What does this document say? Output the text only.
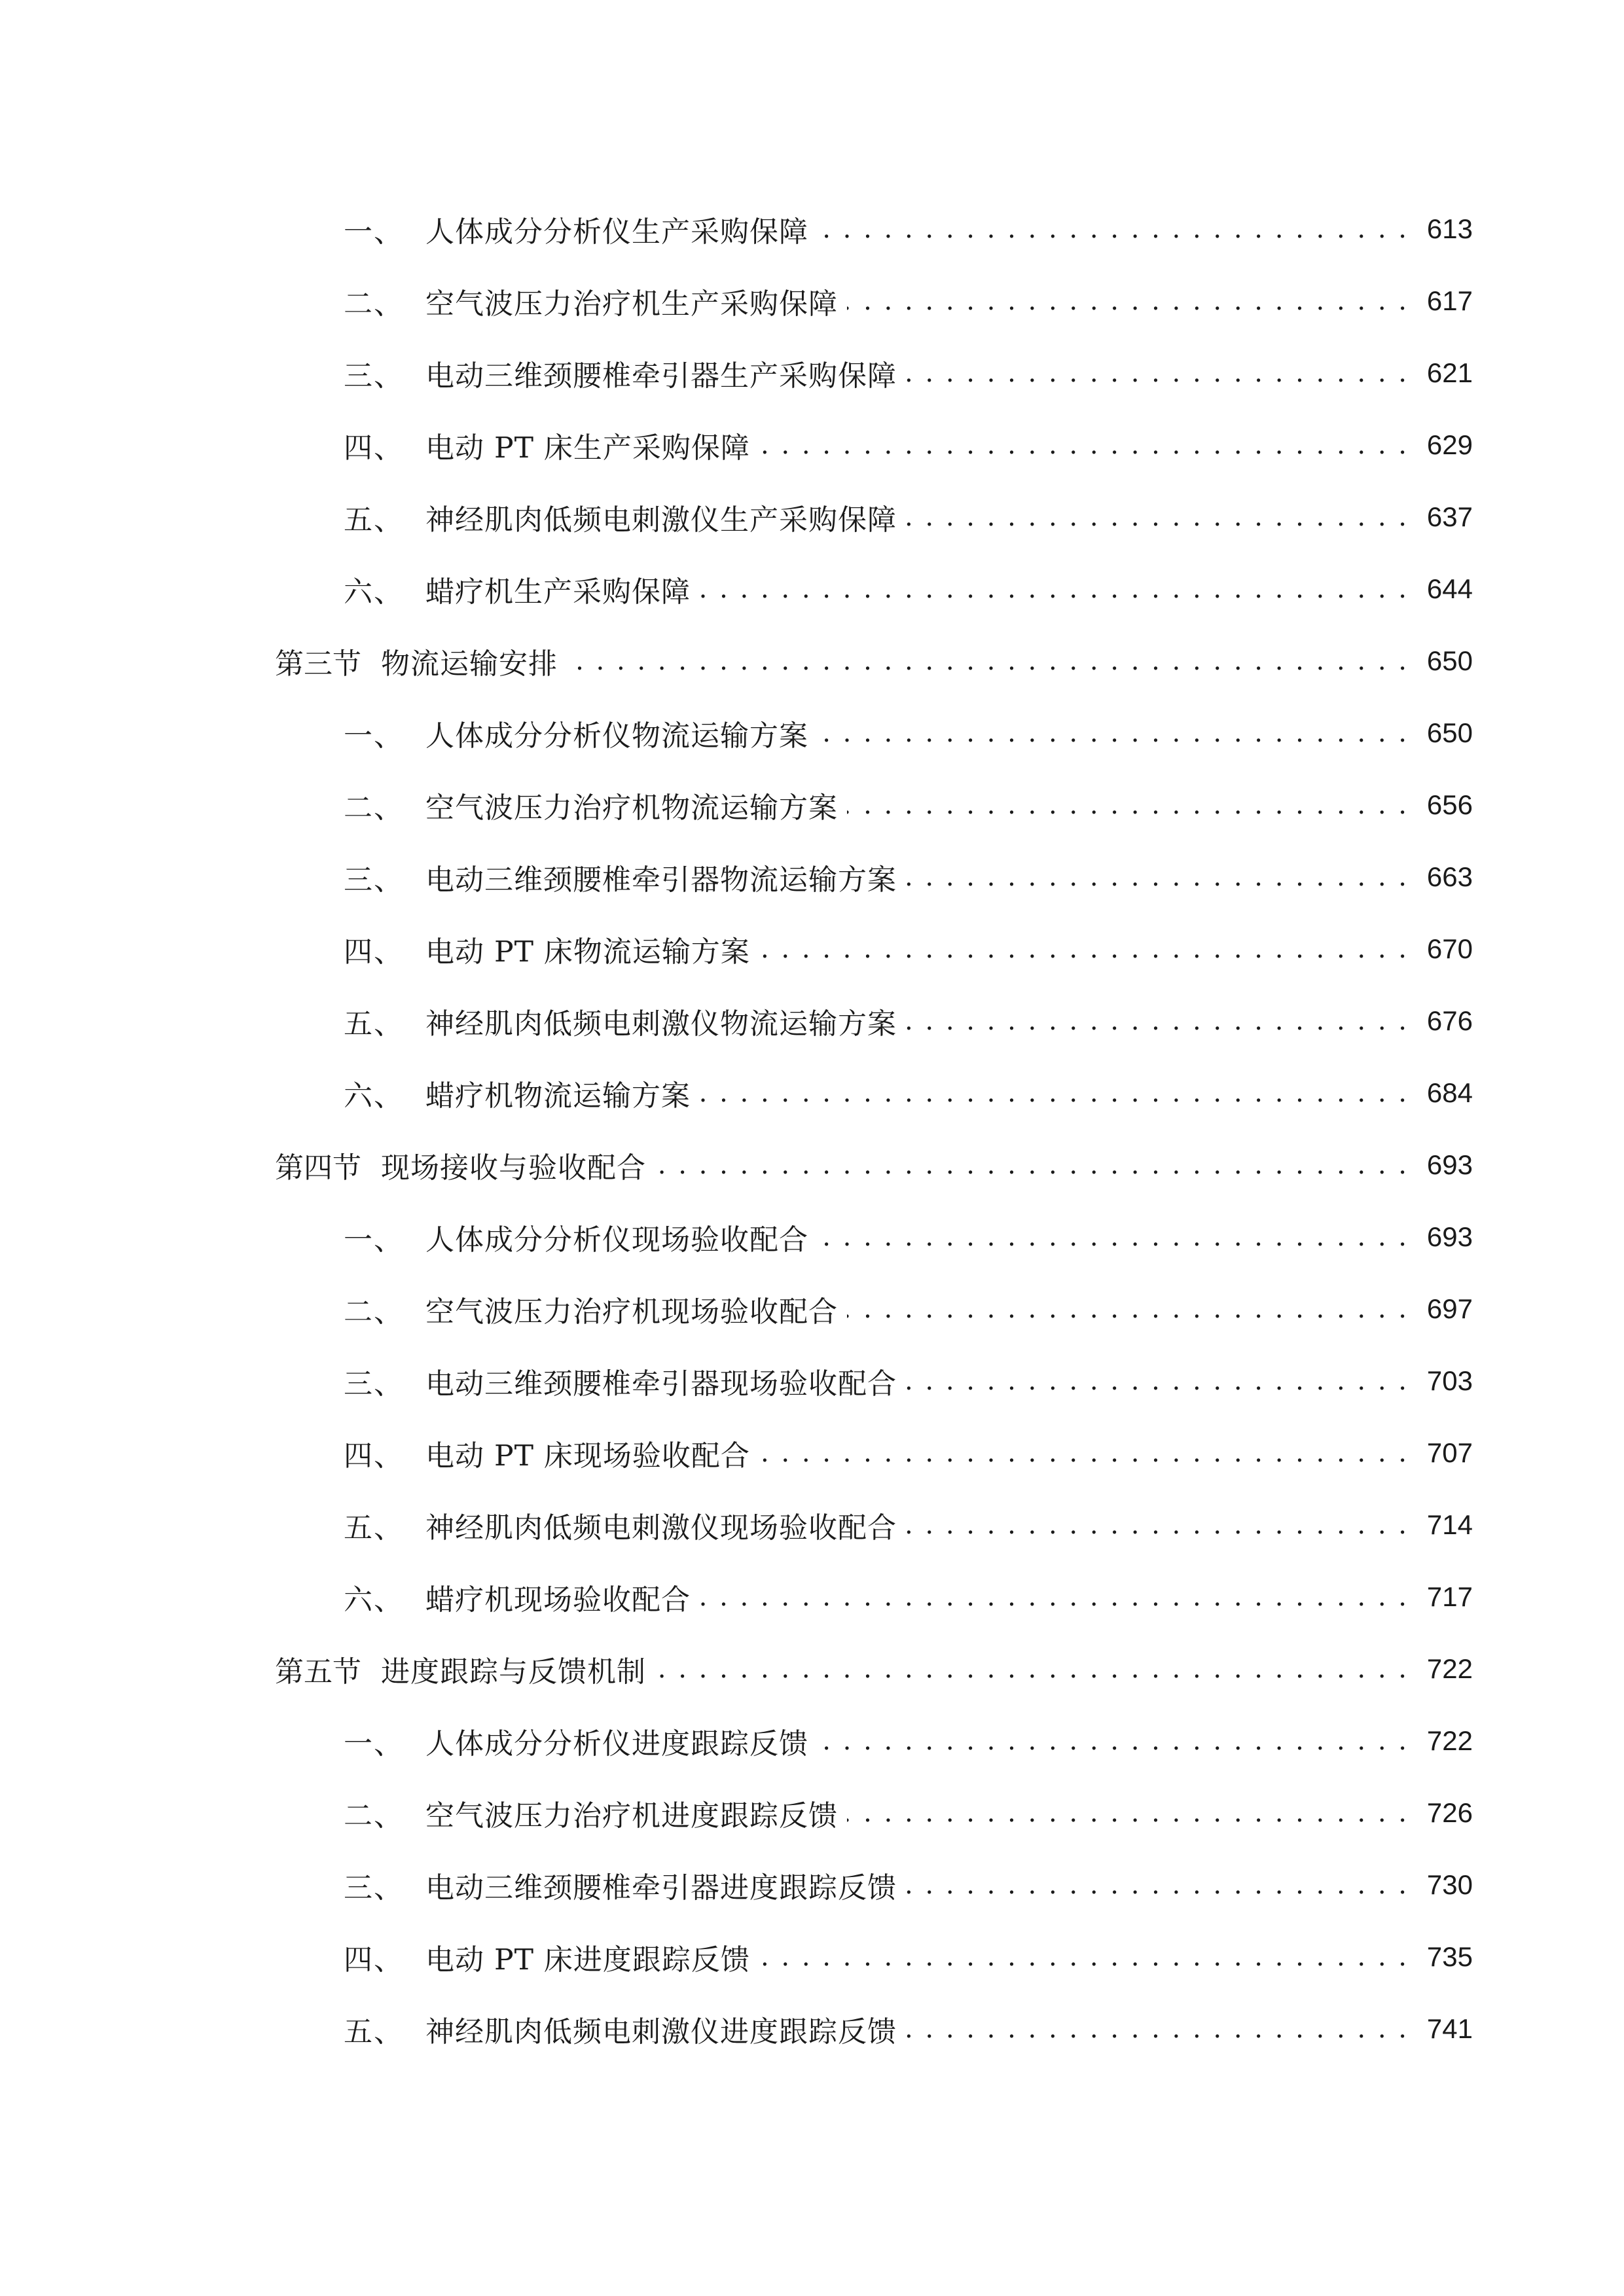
一、 人体成分分析仪生产采购保障 . . .	613
二、 空气波压力治疗机生产采购保障 . . .	617
三、 电动三维颈腰椎牵引器生产采购保障 . . .	621
四、 电动 PT 床生产采购保障 . . .	629
五、 神经肌肉低频电刺激仪生产采购保障 . . .	637
六、 蜡疗机生产采购保障 . . .	644
第三节 物流运输安排 . . .	650
一、 人体成分分析仪物流运输方案 . . .	650
二、 空气波压力治疗机物流运输方案 . . .	656
三、 电动三维颈腰椎牵引器物流运输方案 . . .	663
四、 电动 PT 床物流运输方案 . . .	670
五、 神经肌肉低频电刺激仪物流运输方案 . . .	676
六、 蜡疗机物流运输方案 . . .	684
第四节 现场接收与验收配合 . . .	693
一、 人体成分分析仪现场验收配合 . . .	693
二、 空气波压力治疗机现场验收配合 . . .	697
三、 电动三维颈腰椎牵引器现场验收配合 . . .	703
四、 电动 PT 床现场验收配合 . . .	707
五、 神经肌肉低频电刺激仪现场验收配合 . . .	714
六、 蜡疗机现场验收配合 . . .	717
第五节 进度跟踪与反馈机制 . . .	722
一、 人体成分分析仪进度跟踪反馈 . . .	722
二、 空气波压力治疗机进度跟踪反馈 . . .	726
三、 电动三维颈腰椎牵引器进度跟踪反馈 . . .	730
四、 电动 PT 床进度跟踪反馈 . . .	735
五、 神经肌肉低频电刺激仪进度跟踪反馈 . . .	741
